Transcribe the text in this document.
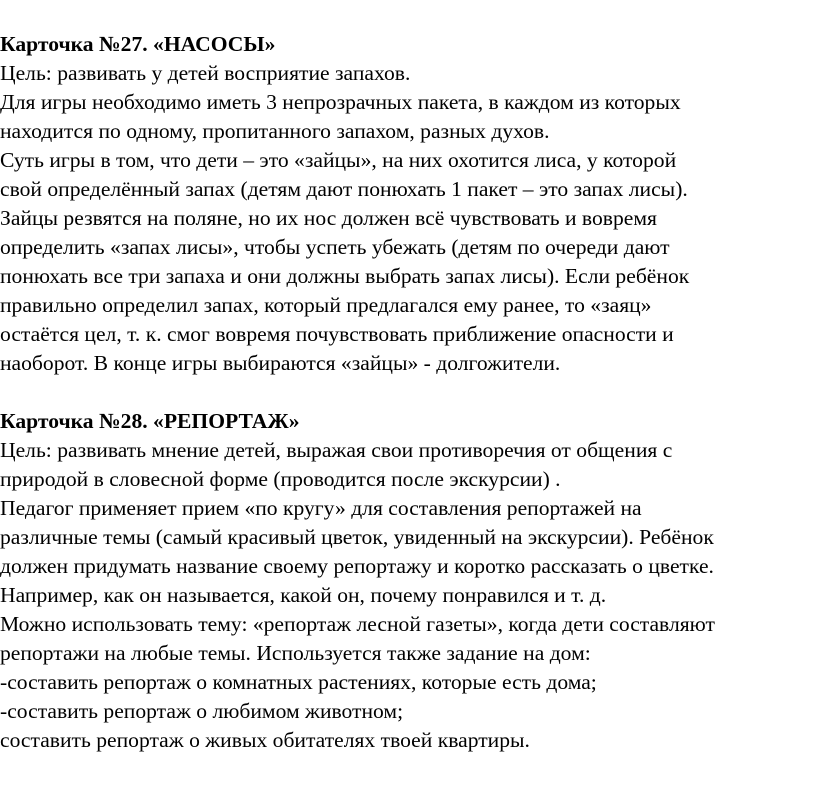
Карточка №27. «НАСОСЫ»
Цель: развивать у детей восприятие запахов.
Для игры необходимо иметь 3 непрозрачных пакета, в каждом из которых
находится по одному, пропитанного запахом, разных духов.
Суть игры в том, что дети – это «зайцы», на них охотится лиса, у которой
свой определённый запах (детям дают понюхать 1 пакет – это запах лисы).
Зайцы резвятся на поляне, но их нос должен всё чувствовать и вовремя
определить «запах лисы», чтобы успеть убежать (детям по очереди дают
понюхать все три запаха и они должны выбрать запах лисы). Если ребёнок
правильно определил запах, который предлагался ему ранее, то «заяц»
остаётся цел, т. к. смог вовремя почувствовать приближение опасности и
наоборот. В конце игры выбираются «зайцы» - долгожители.
Карточка №28. «РЕПОРТАЖ»
Цель: развивать мнение детей, выражая свои противоречия от общения с
природой в словесной форме (проводится после экскурсии) .
Педагог применяет прием «по кругу» для составления репортажей на
различные темы (самый красивый цветок, увиденный на экскурсии). Ребёнок
должен придумать название своему репортажу и коротко рассказать о цветке.
Например, как он называется, какой он, почему понравился и т. д.
Можно использовать тему: «репортаж лесной газеты», когда дети составляют
репортажи на любые темы. Используется также задание на дом:
-составить репортаж о комнатных растениях, которые есть дома;
-составить репортаж о любимом животном;
составить репортаж о живых обитателях твоей квартиры.
